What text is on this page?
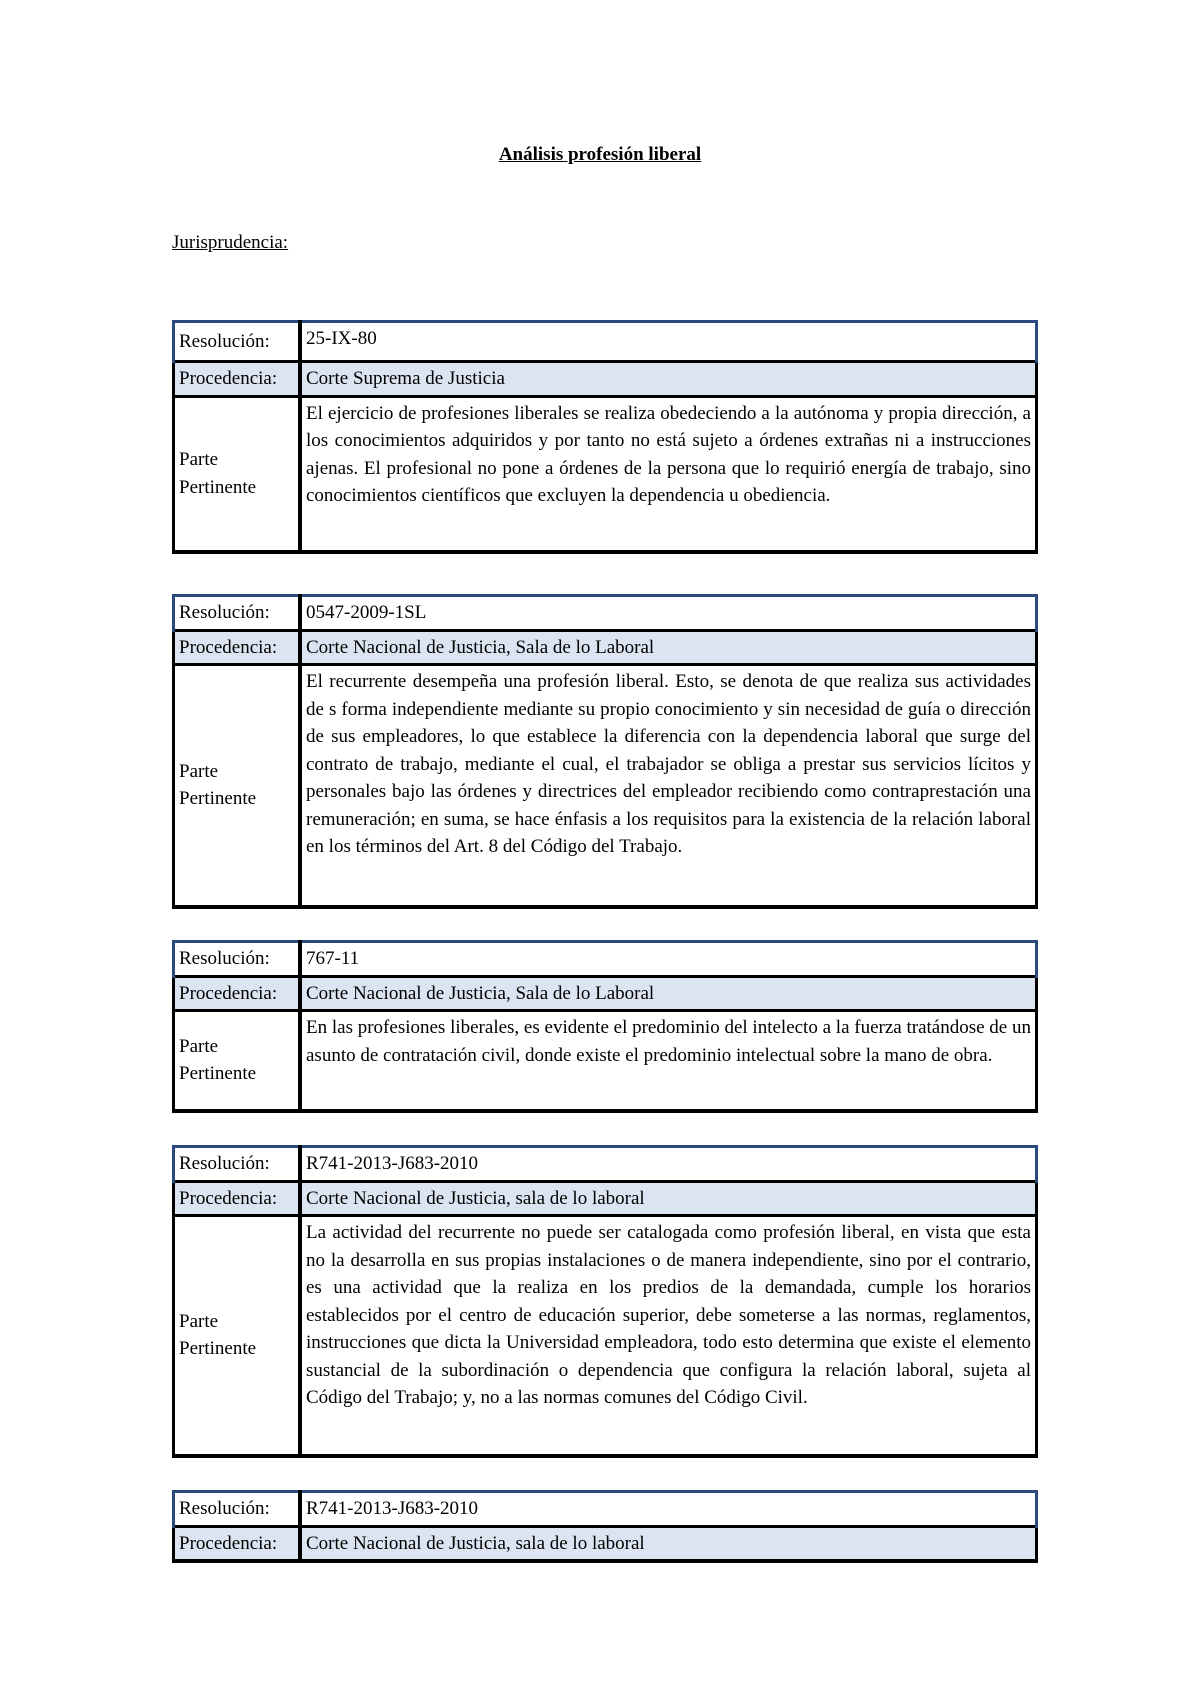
Análisis profesión liberal
Jurisprudencia:
Resolución:	25-IX-80
Procedencia:	Corte Suprema de Justicia
Parte
Pertinente	El ejercicio de profesiones liberales se realiza obedeciendo a la autónoma y propia dirección, a los conocimientos adquiridos y por tanto no está sujeto a órdenes extrañas ni a instrucciones ajenas. El profesional no pone a órdenes de la persona que lo requirió energía de trabajo, sino conocimientos científicos que excluyen la dependencia u obediencia.
Resolución:	0547-2009-1SL
Procedencia:	Corte Nacional de Justicia, Sala de lo Laboral
Parte
Pertinente	El recurrente desempeña una profesión liberal. Esto, se denota de que realiza sus actividades de s forma independiente mediante su propio conocimiento y sin necesidad de guía o dirección de sus empleadores, lo que establece la diferencia con la dependencia laboral que surge del contrato de trabajo, mediante el cual, el trabajador se obliga a prestar sus servicios lícitos y personales bajo las órdenes y directrices del empleador recibiendo como contraprestación una remuneración; en suma, se hace énfasis a los requisitos para la existencia de la relación laboral en los términos del Art. 8 del Código del Trabajo.
Resolución:	767-11
Procedencia:	Corte Nacional de Justicia, Sala de lo Laboral
Parte
Pertinente	En las profesiones liberales, es evidente el predominio del intelecto a la fuerza tratándose de un asunto de contratación civil, donde existe el predominio intelectual sobre la mano de obra.
Resolución:	R741-2013-J683-2010
Procedencia:	Corte Nacional de Justicia, sala de lo laboral
Parte
Pertinente	La actividad del recurrente no puede ser catalogada como profesión liberal, en vista que esta no la desarrolla en sus propias instalaciones o de manera independiente, sino por el contrario, es una actividad que la realiza en los predios de la demandada, cumple los horarios establecidos por el centro de educación superior, debe someterse a las normas, reglamentos, instrucciones que dicta la Universidad empleadora, todo esto determina que existe el elemento sustancial de la subordinación o dependencia que configura la relación laboral, sujeta al Código del Trabajo; y, no a las normas comunes del Código Civil.
Resolución:	R741-2013-J683-2010
Procedencia:	Corte Nacional de Justicia, sala de lo laboral
